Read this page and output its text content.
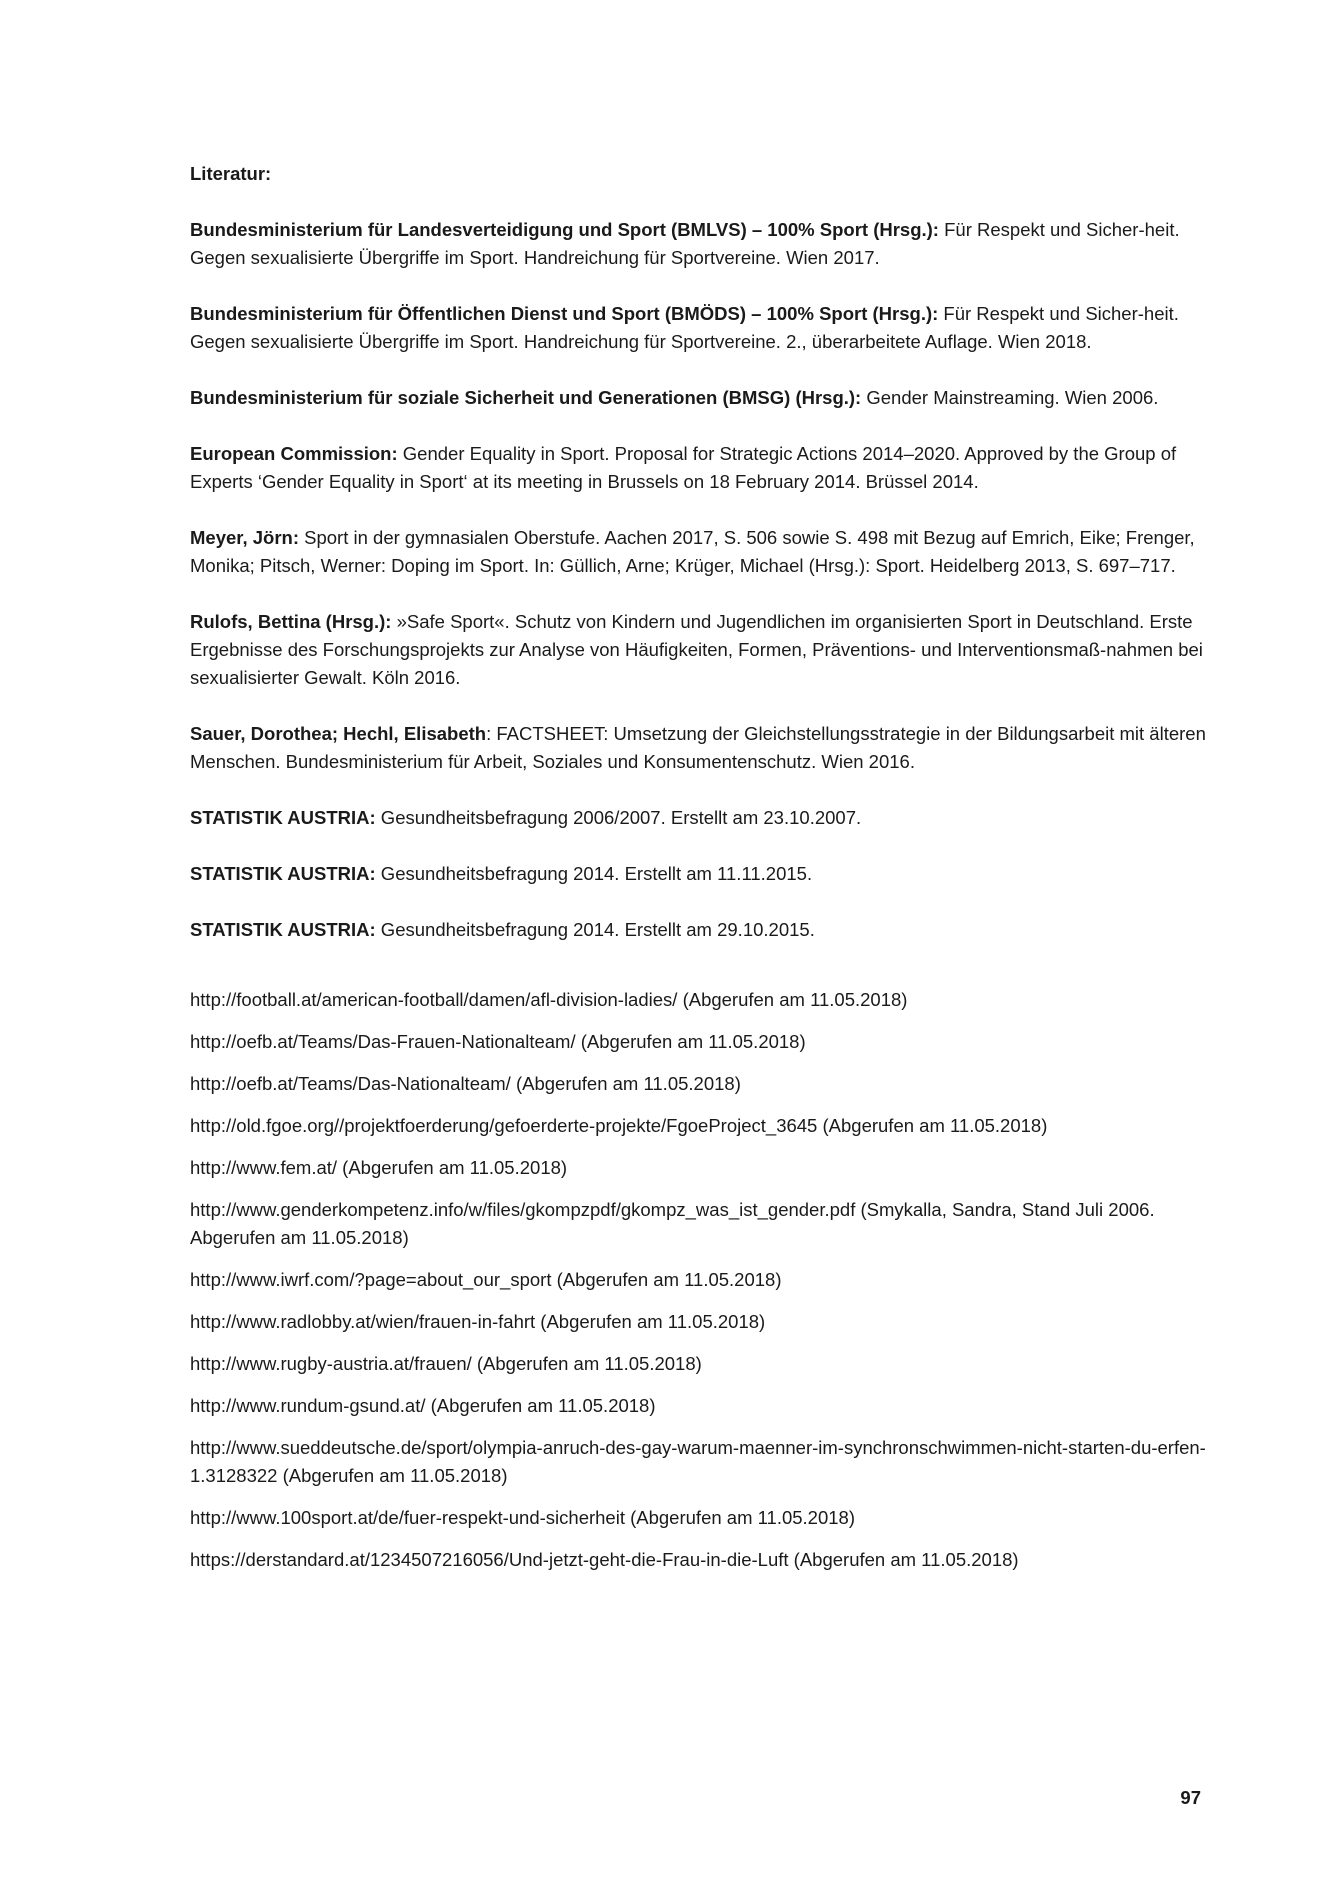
Literatur:

Bundesministerium für Landesverteidigung und Sport (BMLVS) – 100% Sport (Hrsg.): Für Respekt und Sicher-heit. Gegen sexualisierte Übergriffe im Sport. Handreichung für Sportvereine. Wien 2017.

Bundesministerium für Öffentlichen Dienst und Sport (BMÖDS) – 100% Sport (Hrsg.): Für Respekt und Sicher-heit. Gegen sexualisierte Übergriffe im Sport. Handreichung für Sportvereine. 2., überarbeitete Auflage. Wien 2018.

Bundesministerium für soziale Sicherheit und Generationen (BMSG) (Hrsg.): Gender Mainstreaming. Wien 2006.

European Commission: Gender Equality in Sport. Proposal for Strategic Actions 2014–2020. Approved by the Group of Experts ‘Gender Equality in Sport‘ at its meeting in Brussels on 18 February 2014. Brüssel 2014.

Meyer, Jörn: Sport in der gymnasialen Oberstufe. Aachen 2017, S. 506 sowie S. 498 mit Bezug auf Emrich, Eike; Frenger, Monika; Pitsch, Werner: Doping im Sport. In: Güllich, Arne; Krüger, Michael (Hrsg.): Sport. Heidelberg 2013, S. 697–717.

Rulofs, Bettina (Hrsg.): »Safe Sport«. Schutz von Kindern und Jugendlichen im organisierten Sport in Deutschland. Erste Ergebnisse des Forschungsprojekts zur Analyse von Häufigkeiten, Formen, Präventions- und Interventionsmaß-nahmen bei sexualisierter Gewalt. Köln 2016.

Sauer, Dorothea; Hechl, Elisabeth: FACTSHEET: Umsetzung der Gleichstellungsstrategie in der Bildungsarbeit mit älteren Menschen. Bundesministerium für Arbeit, Soziales und Konsumentenschutz. Wien 2016.

STATISTIK AUSTRIA: Gesundheitsbefragung 2006/2007. Erstellt am 23.10.2007.

STATISTIK AUSTRIA: Gesundheitsbefragung 2014. Erstellt am 11.11.2015.

STATISTIK AUSTRIA: Gesundheitsbefragung 2014. Erstellt am 29.10.2015.

http://football.at/american-football/damen/afl-division-ladies/ (Abgerufen am 11.05.2018)

http://oefb.at/Teams/Das-Frauen-Nationalteam/ (Abgerufen am 11.05.2018)

http://oefb.at/Teams/Das-Nationalteam/ (Abgerufen am 11.05.2018)

http://old.fgoe.org//projektfoerderung/gefoerderte-projekte/FgoeProject_3645 (Abgerufen am 11.05.2018)

http://www.fem.at/ (Abgerufen am 11.05.2018)

http://www.genderkompetenz.info/w/files/gkompzpdf/gkompz_was_ist_gender.pdf (Smykalla, Sandra, Stand Juli 2006. Abgerufen am 11.05.2018)

http://www.iwrf.com/?page=about_our_sport (Abgerufen am 11.05.2018)

http://www.radlobby.at/wien/frauen-in-fahrt (Abgerufen am 11.05.2018)

http://www.rugby-austria.at/frauen/ (Abgerufen am 11.05.2018)

http://www.rundum-gsund.at/ (Abgerufen am 11.05.2018)

http://www.sueddeutsche.de/sport/olympia-anruch-des-gay-warum-maenner-im-synchronschwimmen-nicht-starten-du-erfen-1.3128322 (Abgerufen am 11.05.2018)

http://www.100sport.at/de/fuer-respekt-und-sicherheit (Abgerufen am 11.05.2018)

https://derstandard.at/1234507216056/Und-jetzt-geht-die-Frau-in-die-Luft (Abgerufen am 11.05.2018)

97
